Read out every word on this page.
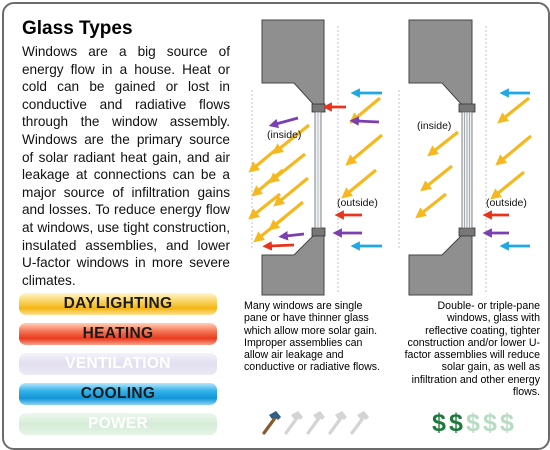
Glass Types
Windows are a big source of energy flow in a house. Heat or cold can be gained or lost in conductive and radiative flows through the window assembly. Windows are the primary source of solar radiant heat gain, and air leakage at connections can be a major source of infiltration gains and losses. To reduce energy flow at windows, use tight construction, insulated assemblies, and lower U-factor windows in more severe climates.
DAYLIGHTING
HEATING
VENTILATION
COOLING
POWER
(inside)
(outside)
(inside)
(outside)
Many windows are single pane or have thinner glass which allow more solar gain. Improper assemblies can allow air leakage and conductive or radiative flows.
Double- or triple-pane windows, glass with reflective coating, tighter construction and/or lower U-factor assemblies will reduce solar gain, as well as infiltration and other energy flows.
$ $ $ $ $
